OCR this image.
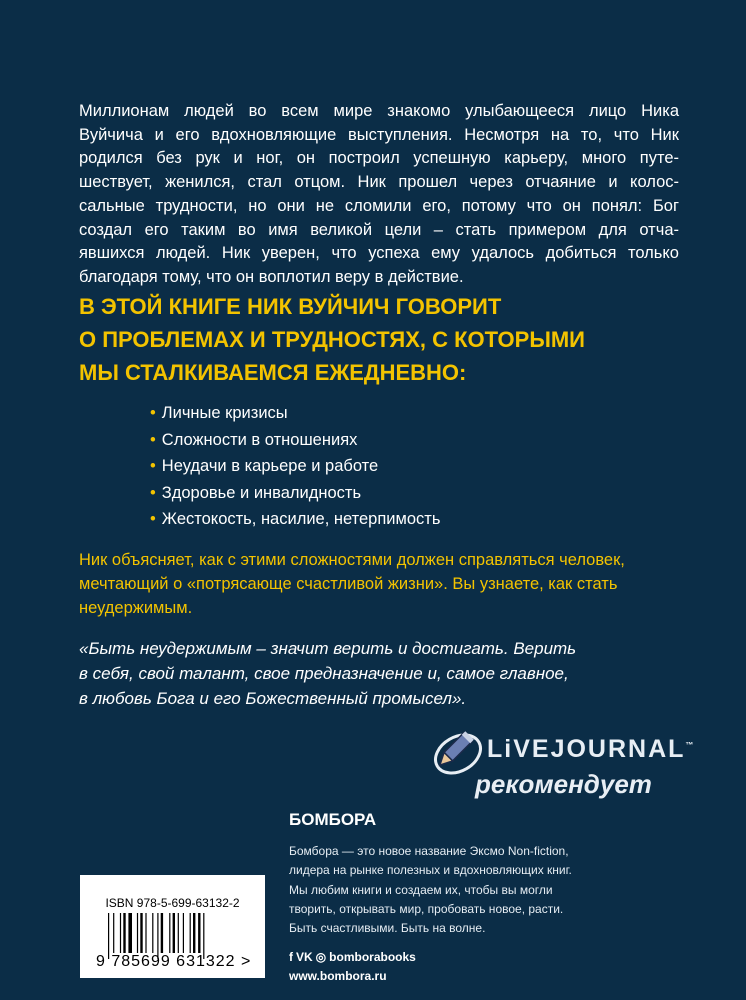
Миллионам людей во всем мире знакомо улыбающееся лицо Ника
Вуйчича и его вдохновляющие выступления. Несмотря на то, что Ник
родился без рук и ног, он построил успешную карьеру, много путе-
шествует, женился, стал отцом. Ник прошел через отчаяние и колос-
сальные трудности, но они не сломили его, потому что он понял: Бог
создал его таким во имя великой цели – стать примером для отча-
явшихся людей. Ник уверен, что успеха ему удалось добиться только
благодаря тому, что он воплотил веру в действие.
В ЭТОЙ КНИГЕ НИК ВУЙЧИЧ ГОВОРИТ
О ПРОБЛЕМАХ И ТРУДНОСТЯХ, С КОТОРЫМИ
МЫ СТАЛКИВАЕМСЯ ЕЖЕДНЕВНО:
• Личные кризисы
• Сложности в отношениях
• Неудачи в карьере и работе
• Здоровье и инвалидность
• Жестокость, насилие, нетерпимость
Ник объясняет, как с этими сложностями должен справляться человек,
мечтающий о «потрясающе счастливой жизни». Вы узнаете, как стать
неудержимым.
«Быть неудержимым – значит верить и достигать. Верить
в себя, свой талант, свое предназначение и, самое главное,
в любовь Бога и его Божественный промысел».
LiVEJOURNAL™
рекомендует
ISBN 978-5-699-63132-2
9 785699 631322 >
БОМБОРА
Бомбора — это новое название Эксмо Non-fiction,
лидера на рынке полезных и вдохновляющих книг.
Мы любим книги и создаем их, чтобы вы могли
творить, открывать мир, пробовать новое, расти.
Быть счастливыми. Быть на волне.
f VK ◎ bomborabooks
www.bombora.ru
